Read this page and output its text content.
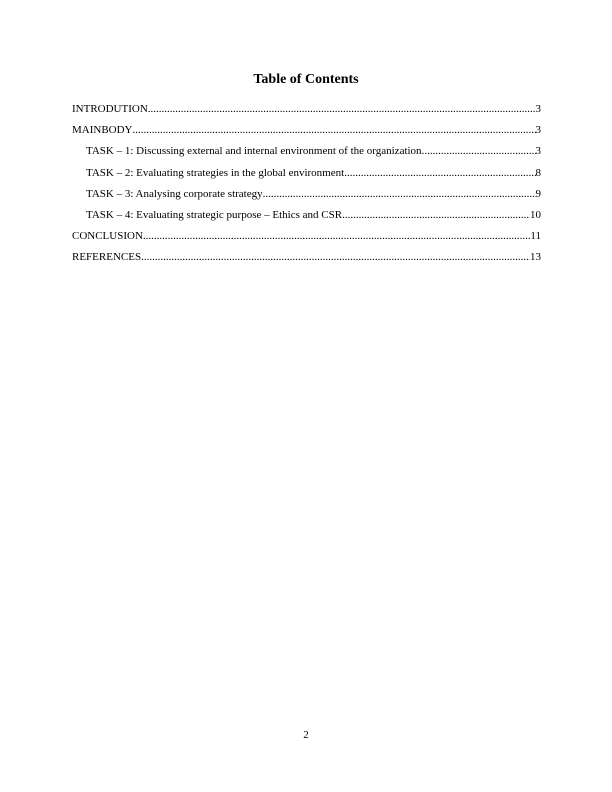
Table of Contents
INTRODUTION .....	3
MAINBODY .....	3
TASK – 1: Discussing external and internal environment of the organization .....	3
TASK – 2: Evaluating strategies in the global environment .....	8
TASK – 3: Analysing corporate strategy .....	9
TASK – 4: Evaluating strategic purpose – Ethics and CSR .....	10
CONCLUSION .....	11
REFERENCES .....	13

2
